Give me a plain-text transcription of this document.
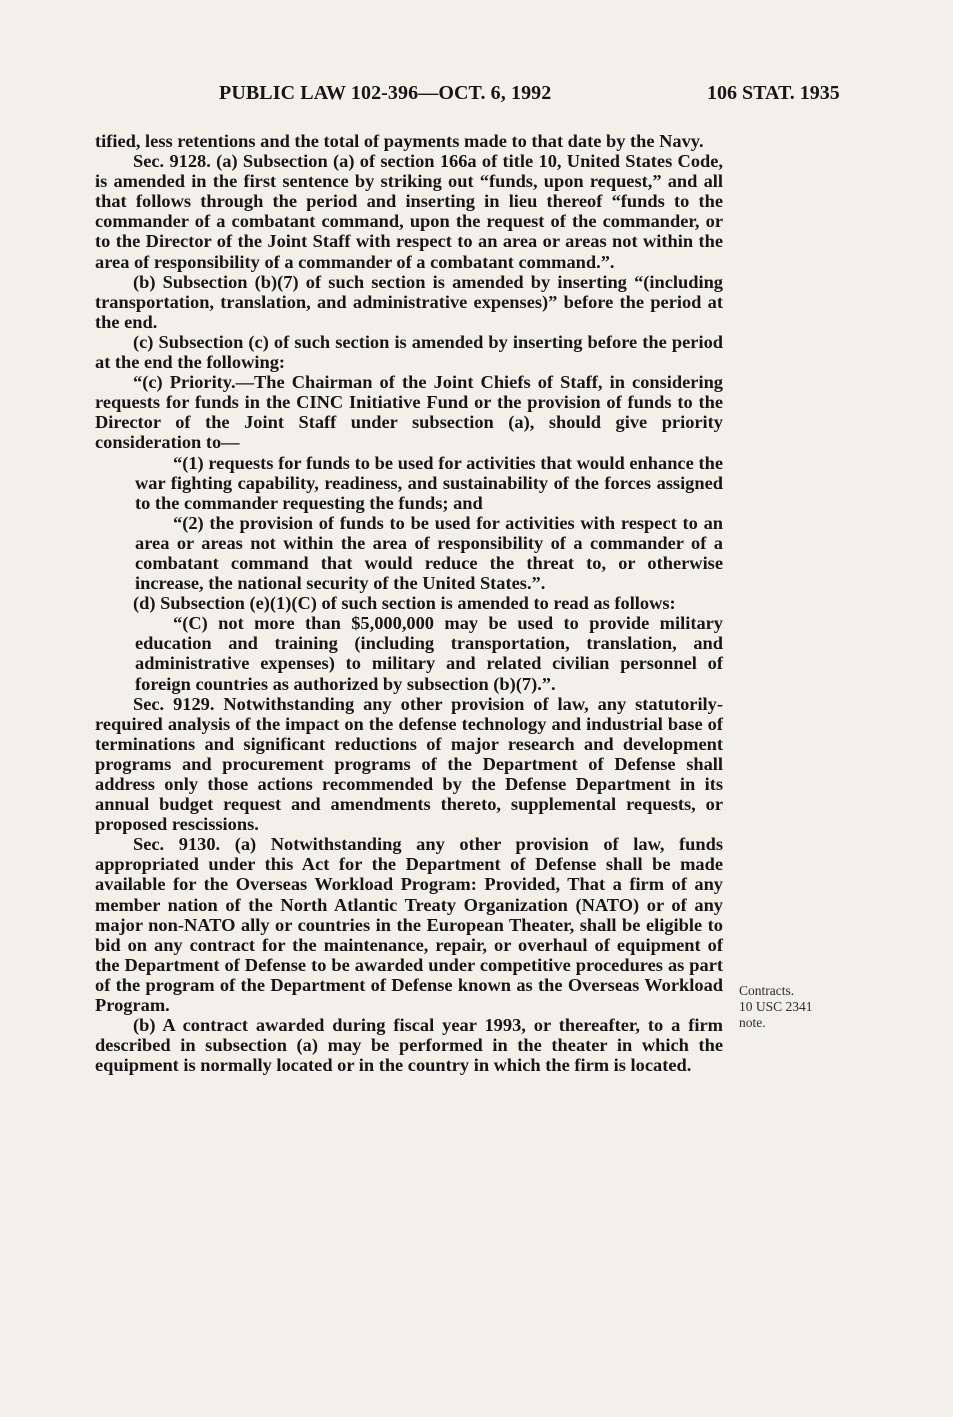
PUBLIC LAW 102-396—OCT. 6, 1992	106 STAT. 1935

tified, less retentions and the total of payments made to that date by the Navy.

Sec. 9128. (a) Subsection (a) of section 166a of title 10, United States Code, is amended in the first sentence by striking out “funds, upon request,” and all that follows through the period and inserting in lieu thereof “funds to the commander of a combatant command, upon the request of the commander, or to the Director of the Joint Staff with respect to an area or areas not within the area of responsibility of a commander of a combatant command.”.

(b) Subsection (b)(7) of such section is amended by inserting “(including transportation, translation, and administrative expenses)” before the period at the end.

(c) Subsection (c) of such section is amended by inserting before the period at the end the following:

“(c) Priority.—The Chairman of the Joint Chiefs of Staff, in considering requests for funds in the CINC Initiative Fund or the provision of funds to the Director of the Joint Staff under subsection (a), should give priority consideration to—

“(1) requests for funds to be used for activities that would enhance the war fighting capability, readiness, and sustainability of the forces assigned to the commander requesting the funds; and

“(2) the provision of funds to be used for activities with respect to an area or areas not within the area of responsibility of a commander of a combatant command that would reduce the threat to, or otherwise increase, the national security of the United States.”.

(d) Subsection (e)(1)(C) of such section is amended to read as follows:

“(C) not more than $5,000,000 may be used to provide military education and training (including transportation, translation, and administrative expenses) to military and related civilian personnel of foreign countries as authorized by subsection (b)(7).”.

Sec. 9129. Notwithstanding any other provision of law, any statutorily-required analysis of the impact on the defense technology and industrial base of terminations and significant reductions of major research and development programs and procurement programs of the Department of Defense shall address only those actions recommended by the Defense Department in its annual budget request and amendments thereto, supplemental requests, or proposed rescissions.

Sec. 9130. (a) Notwithstanding any other provision of law, funds appropriated under this Act for the Department of Defense shall be made available for the Overseas Workload Program: Provided, That a firm of any member nation of the North Atlantic Treaty Organization (NATO) or of any major non-NATO ally or countries in the European Theater, shall be eligible to bid on any contract for the maintenance, repair, or overhaul of equipment of the Department of Defense to be awarded under competitive procedures as part of the program of the Department of Defense known as the Overseas Workload Program.

(b) A contract awarded during fiscal year 1993, or thereafter, to a firm described in subsection (a) may be performed in the theater in which the equipment is normally located or in the country in which the firm is located.

Contracts.
10 USC 2341
note.
